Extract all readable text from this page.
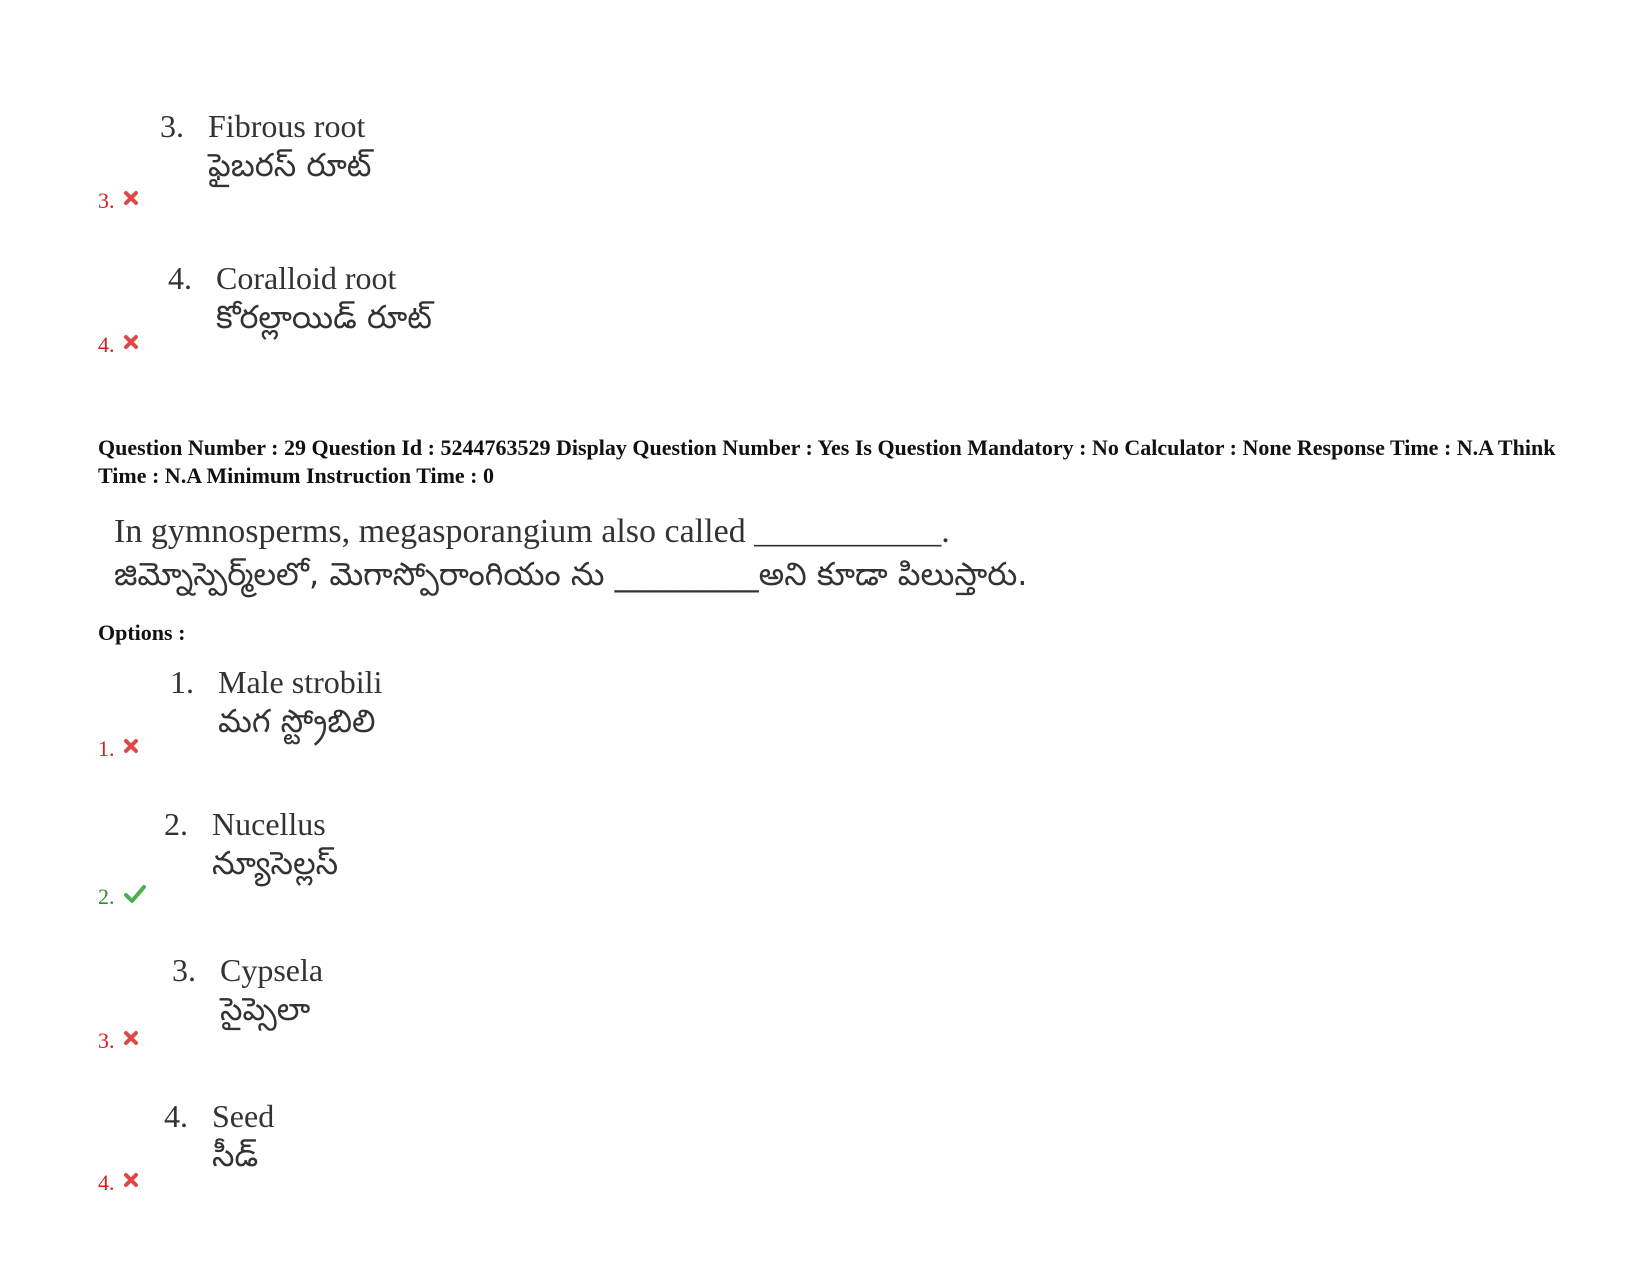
3. Fibrous root
ఫైబరస్ రూట్
3.
4. Coralloid root
కోరల్లాయిడ్ రూట్
4.
Question Number : 29 Question Id : 5244763529 Display Question Number : Yes Is Question Mandatory : No Calculator : None Response Time : N.A Think Time : N.A Minimum Instruction Time : 0
In gymnosperms, megasporangium also called ___________.
జిమ్నోస్పెర్మ్‌లలో, మెగాస్పోరాంగియం ను _________అని కూడా పిలుస్తారు.
Options :
1. Male strobili
మగ స్ట్రోబిలి
1.
2. Nucellus
న్యూసెల్లస్
2.
3. Cypsela
సైప్సెలా
3.
4. Seed
సీడ్
4.
